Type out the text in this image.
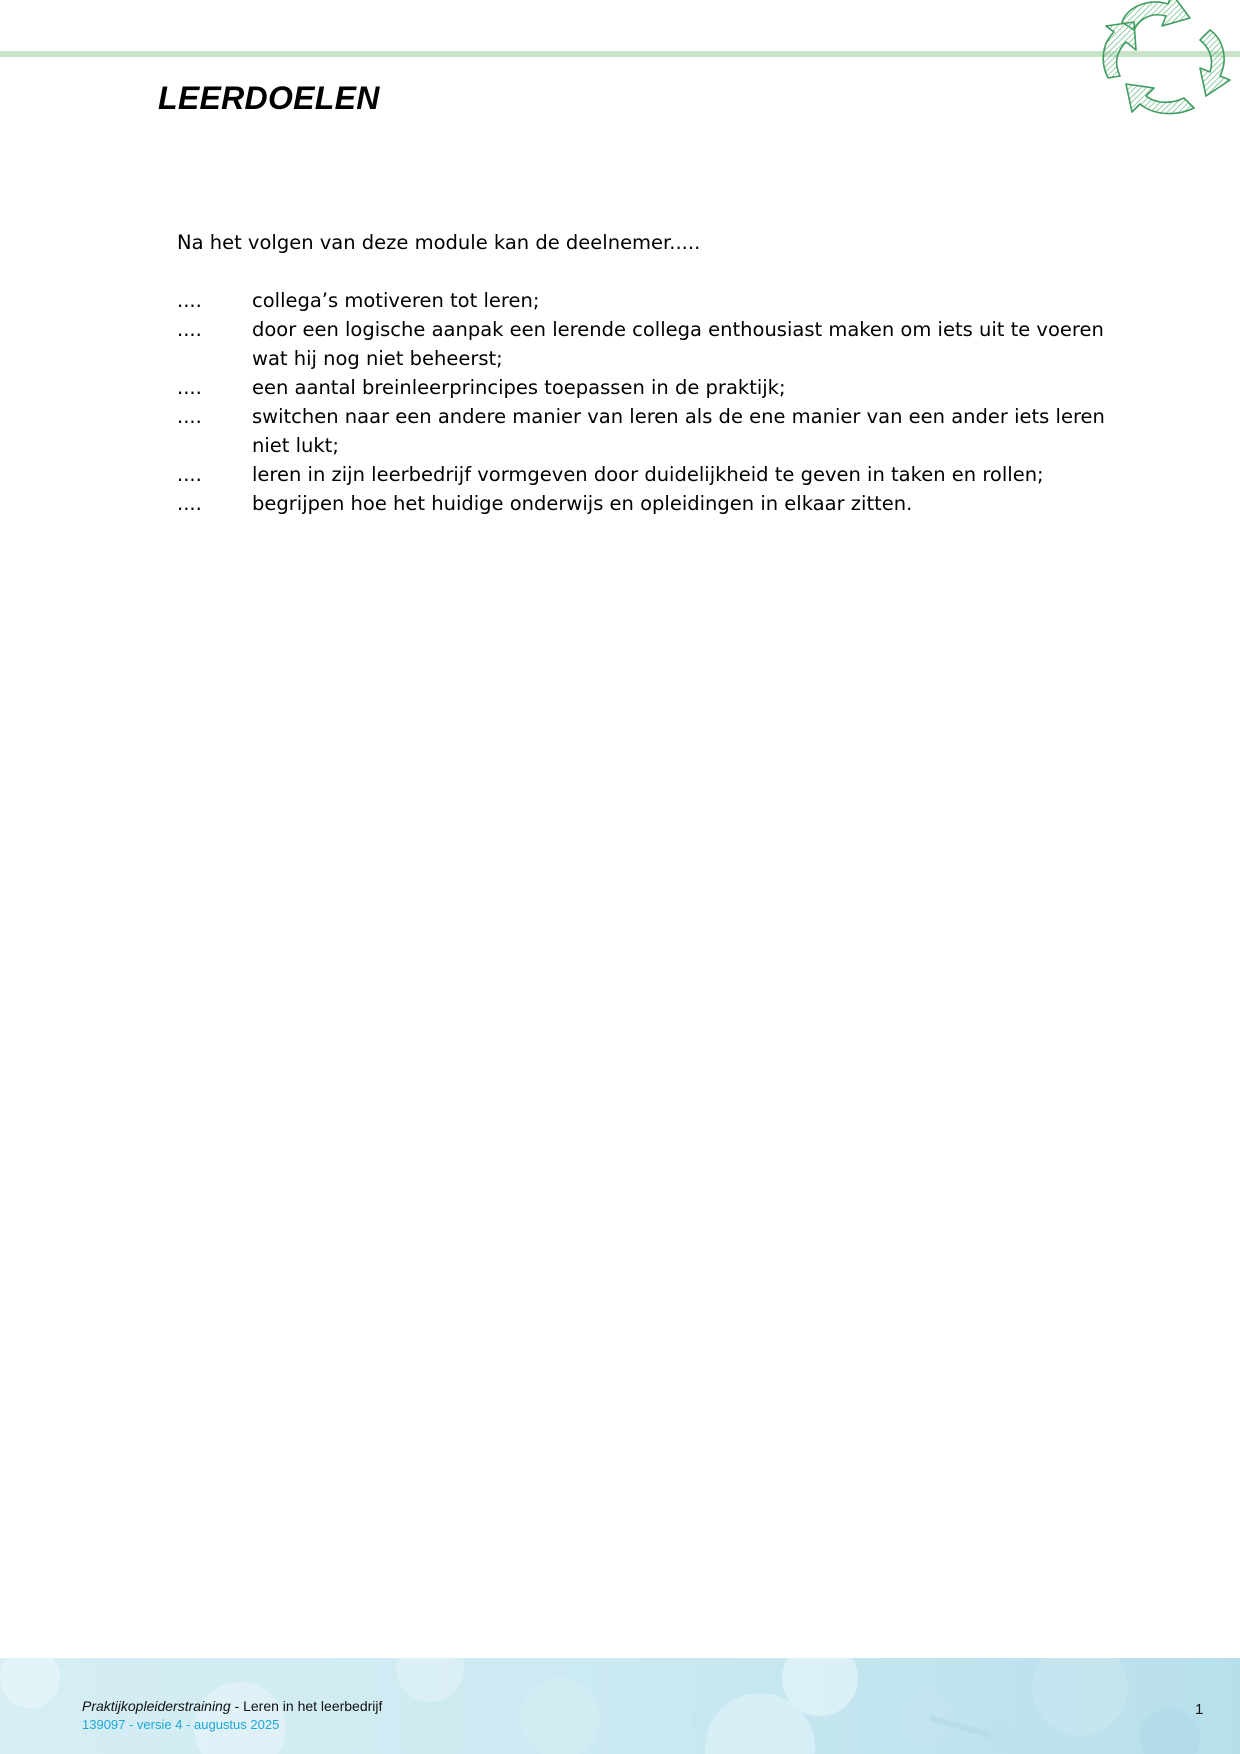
LEERDOELEN

Na het volgen van deze module kan de deelnemer.....

....	collega’s motiveren tot leren;
....	door een logische aanpak een lerende collega enthousiast maken om iets uit te voeren wat hij nog niet beheerst;
....	een aantal breinleerprincipes toepassen in de praktijk;
....	switchen naar een andere manier van leren als de ene manier van een ander iets leren niet lukt;
....	leren in zijn leerbedrijf vormgeven door duidelijkheid te geven in taken en rollen;
....	begrijpen hoe het huidige onderwijs en opleidingen in elkaar zitten.
Praktijkopleiderstraining - Leren in het leerbedrijf
139097 - versie 4 - augustus 2025
1
